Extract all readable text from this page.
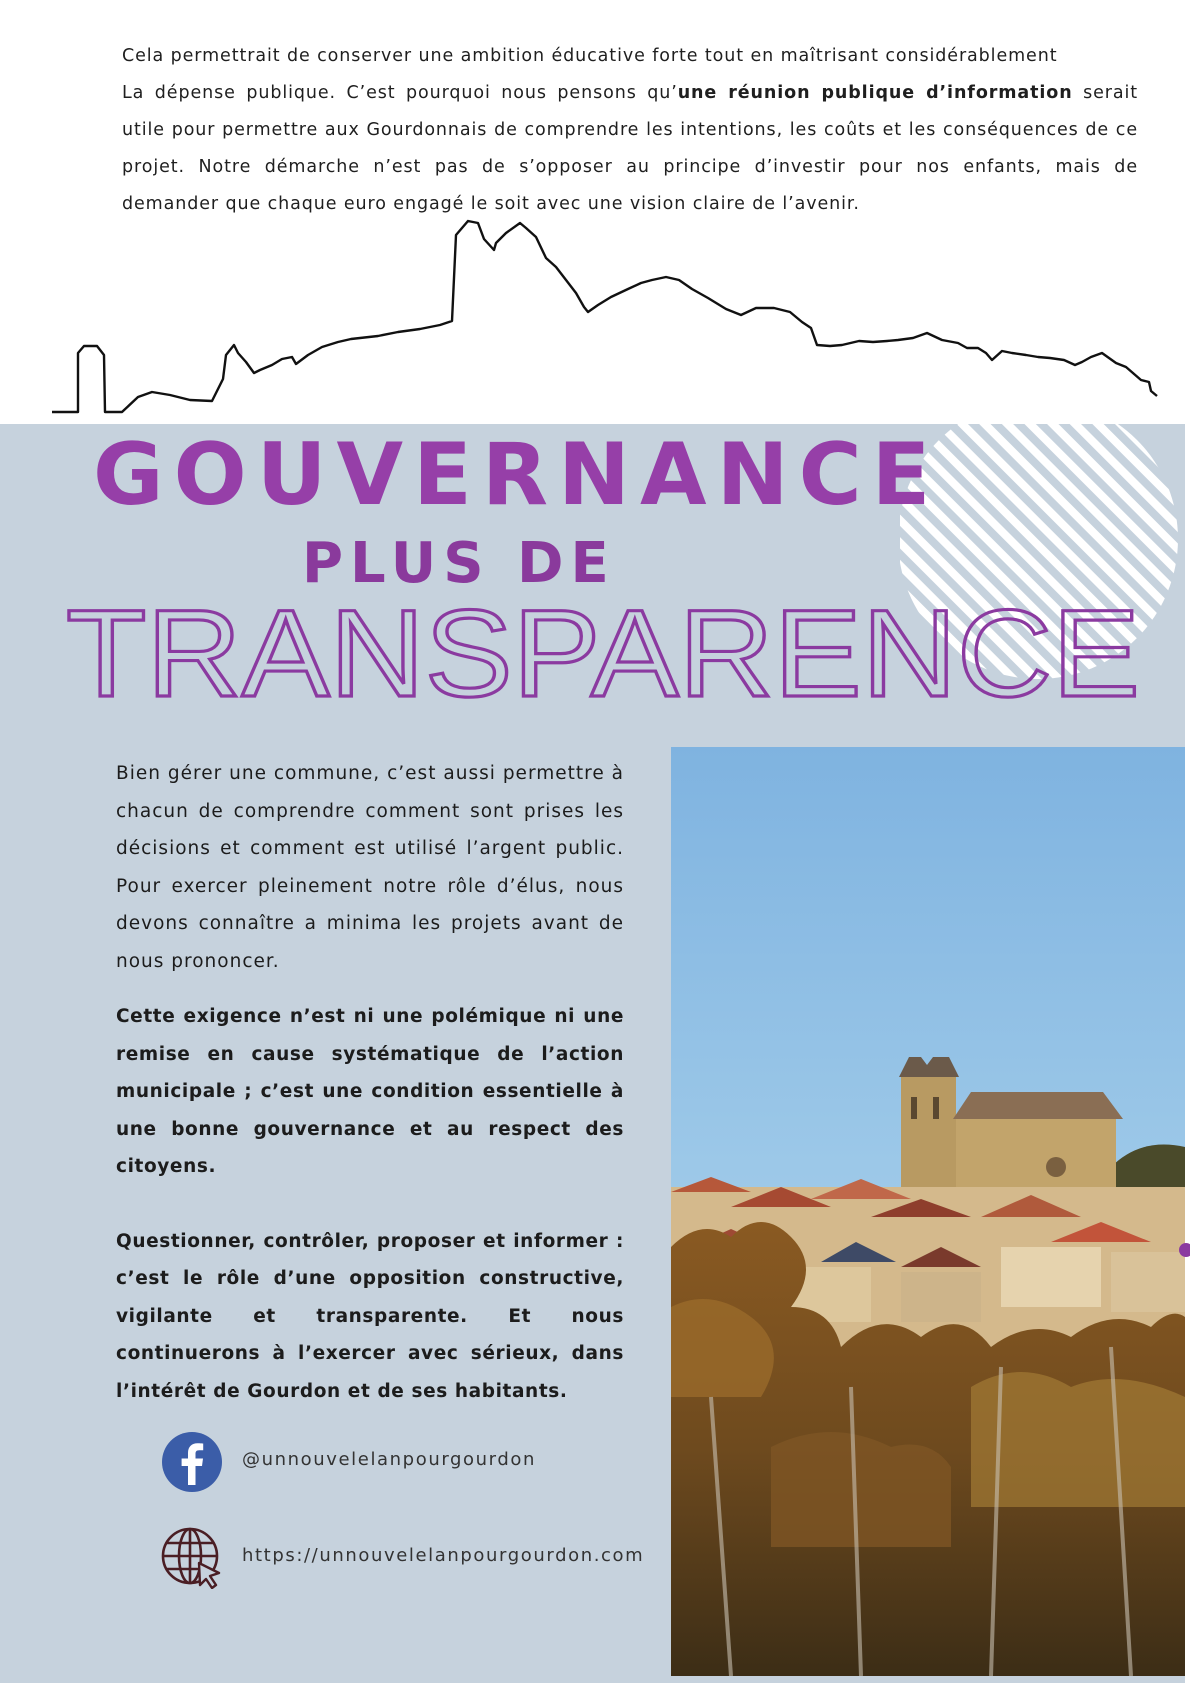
Cela permettrait de conserver une ambition éducative forte tout en maîtrisant considérablement
La dépense publique. C’est pourquoi nous pensons qu’une réunion publique d’information serait utile pour permettre aux Gourdonnais de comprendre les intentions, les coûts et les conséquences de ce projet. Notre démarche n’est pas de s’opposer au principe d’investir pour nos enfants, mais de demander que chaque euro engagé le soit avec une vision claire de l’avenir.

GOUVERNANCE
PLUS DE
TRANSPARENCE

Bien gérer une commune, c’est aussi permettre à chacun de comprendre comment sont prises les décisions et comment est utilisé l’argent public. Pour exercer pleinement notre rôle d’élus, nous devons connaître a minima les projets avant de nous prononcer.

Cette exigence n’est ni une polémique ni une remise en cause systématique de l’action municipale ; c’est une condition essentielle à une bonne gouvernance et au respect des citoyens.

Questionner, contrôler, proposer et informer : c’est le rôle d’une opposition constructive, vigilante et transparente. Et nous continuerons à l’exercer avec sérieux, dans l’intérêt de Gourdon et de ses habitants.

@unnouvelelanpourgourdon
https://unnouvelelanpourgourdon.com
